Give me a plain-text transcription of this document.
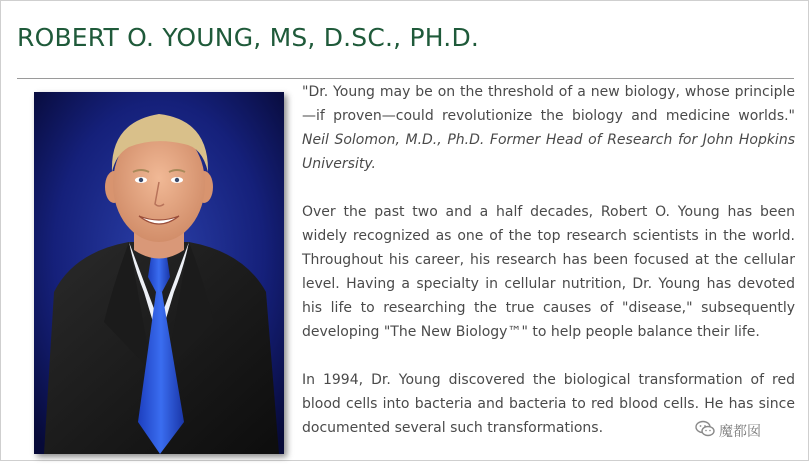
ROBERT O. YOUNG, MS, D.SC., PH.D.

"Dr. Young may be on the threshold of a new biology, whose principle—if proven—could revolutionize the biology and medicine worlds." Neil Solomon, M.D., Ph.D. Former Head of Research for John Hopkins University.

Over the past two and a half decades, Robert O. Young has been widely recognized as one of the top research scientists in the world. Throughout his career, his research has been focused at the cellular level. Having a specialty in cellular nutrition, Dr. Young has devoted his life to researching the true causes of "disease," subsequently developing "The New Biology™" to help people balance their life.

In 1994, Dr. Young discovered the biological transformation of red blood cells into bacteria and bacteria to red blood cells. He has since documented several such transformations.	魔都囡
